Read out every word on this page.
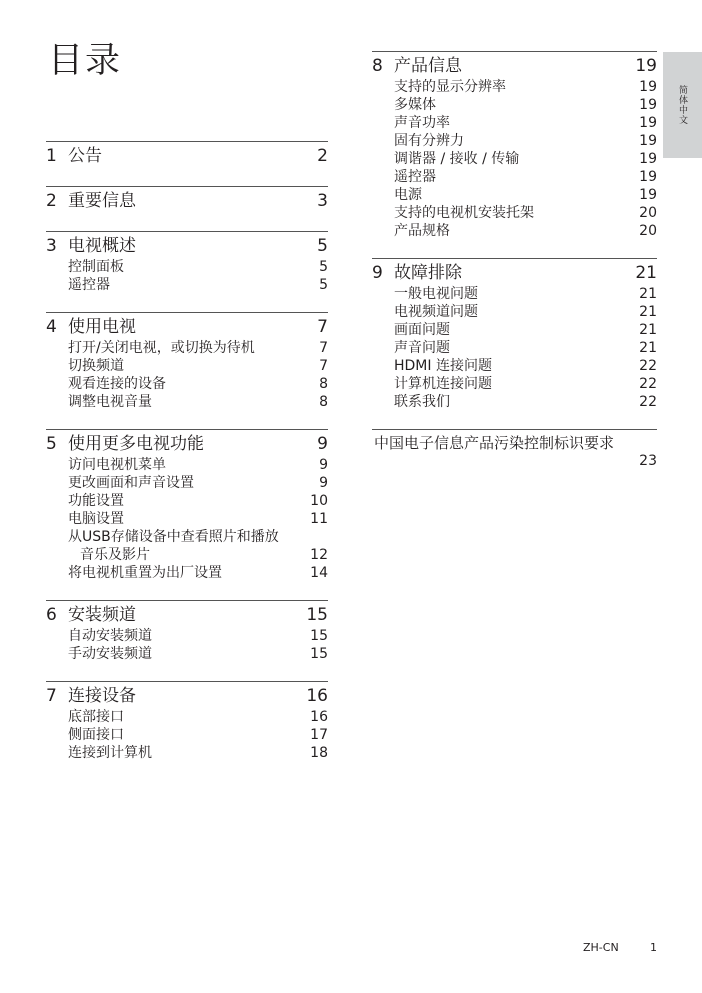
目录
简体中文
1 公告	2
2 重要信息	3
3 电视概述	5
控制面板	5
遥控器	5
4 使用电视	7
打开/关闭电视，或切换为待机	7
切换频道	7
观看连接的设备	8
调整电视音量	8
5 使用更多电视功能	9
访问电视机菜单	9
更改画面和声音设置	9
功能设置	10
电脑设置	11
从USB存储设备中查看照片和播放
音乐及影片	12
将电视机重置为出厂设置	14
6 安装频道	15
自动安装频道	15
手动安装频道	15
7 连接设备	16
底部接口	16
侧面接口	17
连接到计算机	18
8 产品信息	19
支持的显示分辨率	19
多媒体	19
声音功率	19
固有分辨力	19
调谐器 / 接收 / 传输	19
遥控器	19
电源	19
支持的电视机安装托架	20
产品规格	20
9 故障排除	21
一般电视问题	21
电视频道问题	21
画面问题	21
声音问题	21
HDMI 连接问题	22
计算机连接问题	22
联系我们	22
中国电子信息产品污染控制标识要求
23
ZH-CN	1
